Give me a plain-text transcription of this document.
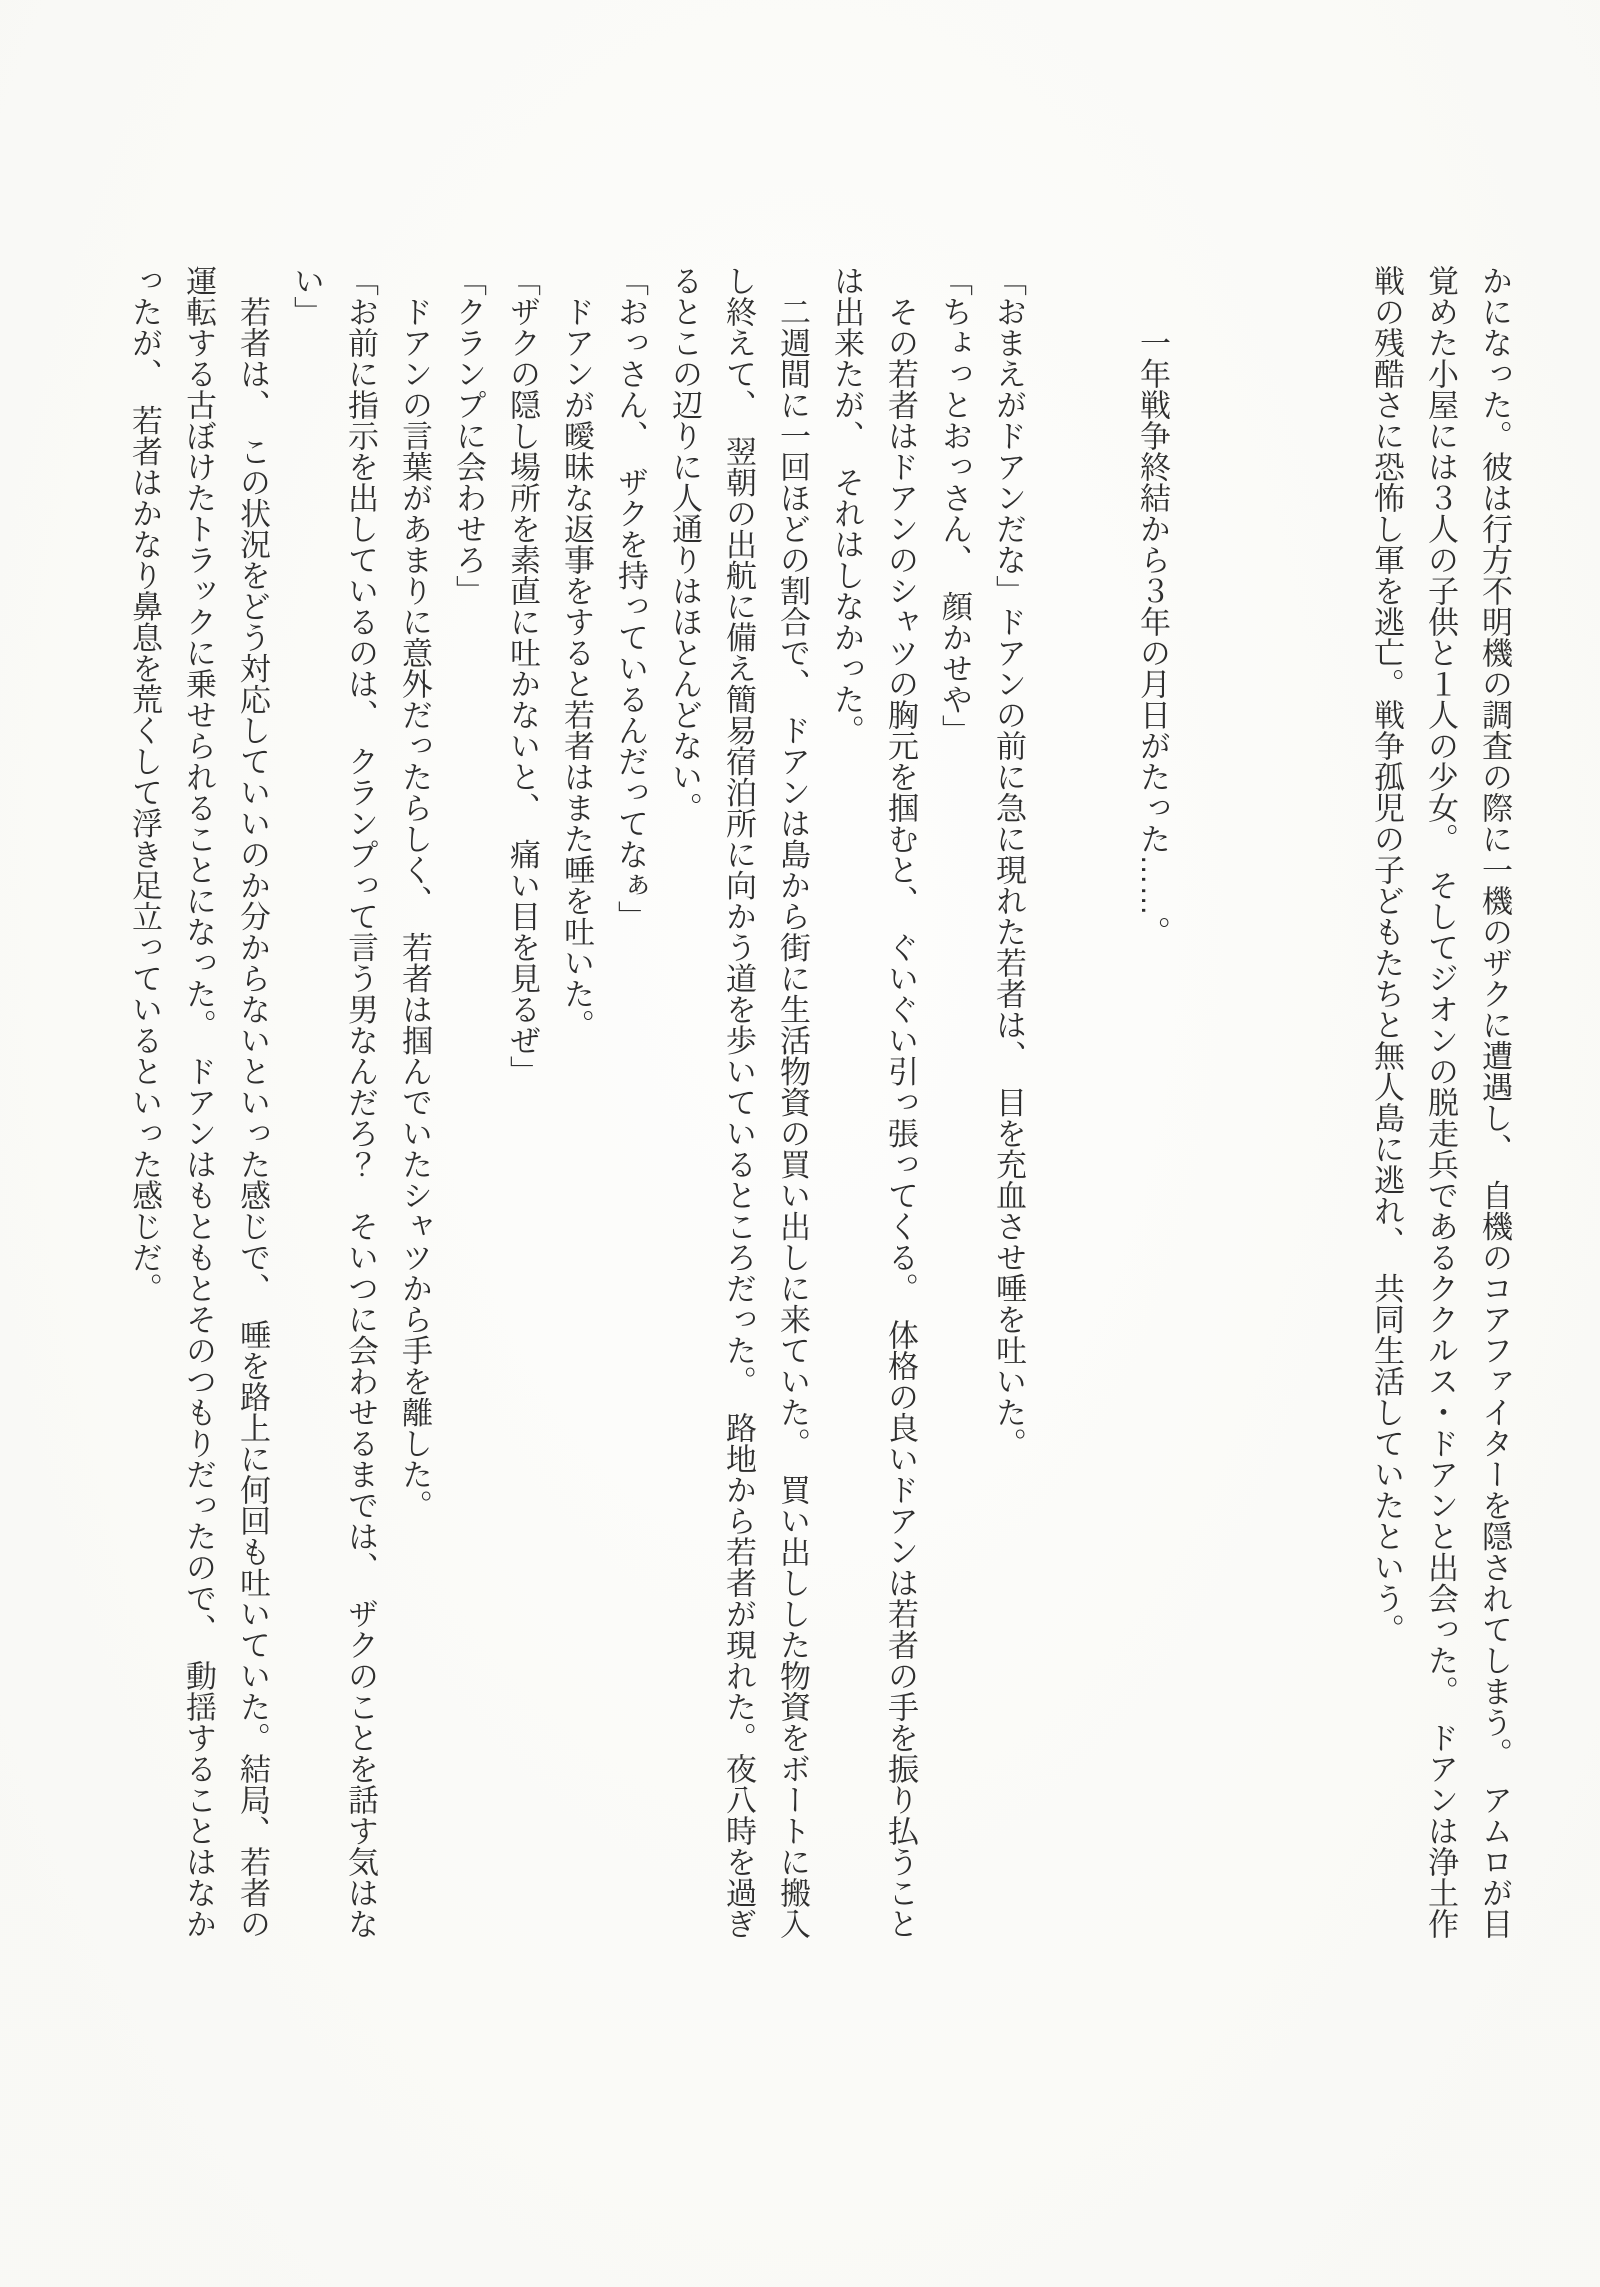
かになった。彼は行方不明機の調査の際に一機のザクに遭遇し、　自機のコアファイターを隠されてしまう。　アムロが目覚めた小屋には３人の子供と１人の少女。　そしてジオンの脱走兵であるククルス・ドアンと出会った。　ドアンは浄土作戦の残酷さに恐怖し軍を逃亡。戦争孤児の子どもたちと無人島に逃れ、　共同生活していたという。

　　一年戦争終結から３年の月日がたった……。

「おまえがドアンだな」ドアンの前に急に現れた若者は、　目を充血させ唾を吐いた。

「ちょっとおっさん、　顔かせや」

　その若者はドアンのシャツの胸元を掴むと、　ぐいぐい引っ張ってくる。　体格の良いドアンは若者の手を振り払うことは出来たが、　それはしなかった。

　二週間に一回ほどの割合で、　ドアンは島から街に生活物資の買い出しに来ていた。　買い出しした物資をボートに搬入し終えて、　翌朝の出航に備え簡易宿泊所に向かう道を歩いているところだった。　路地から若者が現れた。夜八時を過ぎるとこの辺りに人通りはほとんどない。

「おっさん、　ザクを持っているんだってなぁ」

　ドアンが曖昧な返事をすると若者はまた唾を吐いた。

「ザクの隠し場所を素直に吐かないと、　痛い目を見るぜ」

「クランプに会わせろ」

　ドアンの言葉があまりに意外だったらしく、　若者は掴んでいたシャツから手を離した。

「お前に指示を出しているのは、　クランプって言う男なんだろ？　そいつに会わせるまでは、　ザクのことを話す気はない」

　若者は、　この状況をどう対応していいのか分からないといった感じで、　唾を路上に何回も吐いていた。結局、若者の運転する古ぼけたトラックに乗せられることになった。　ドアンはもともとそのつもりだったので、　動揺することはなかったが、　若者はかなり鼻息を荒くして浮き足立っているといった感じだ。
